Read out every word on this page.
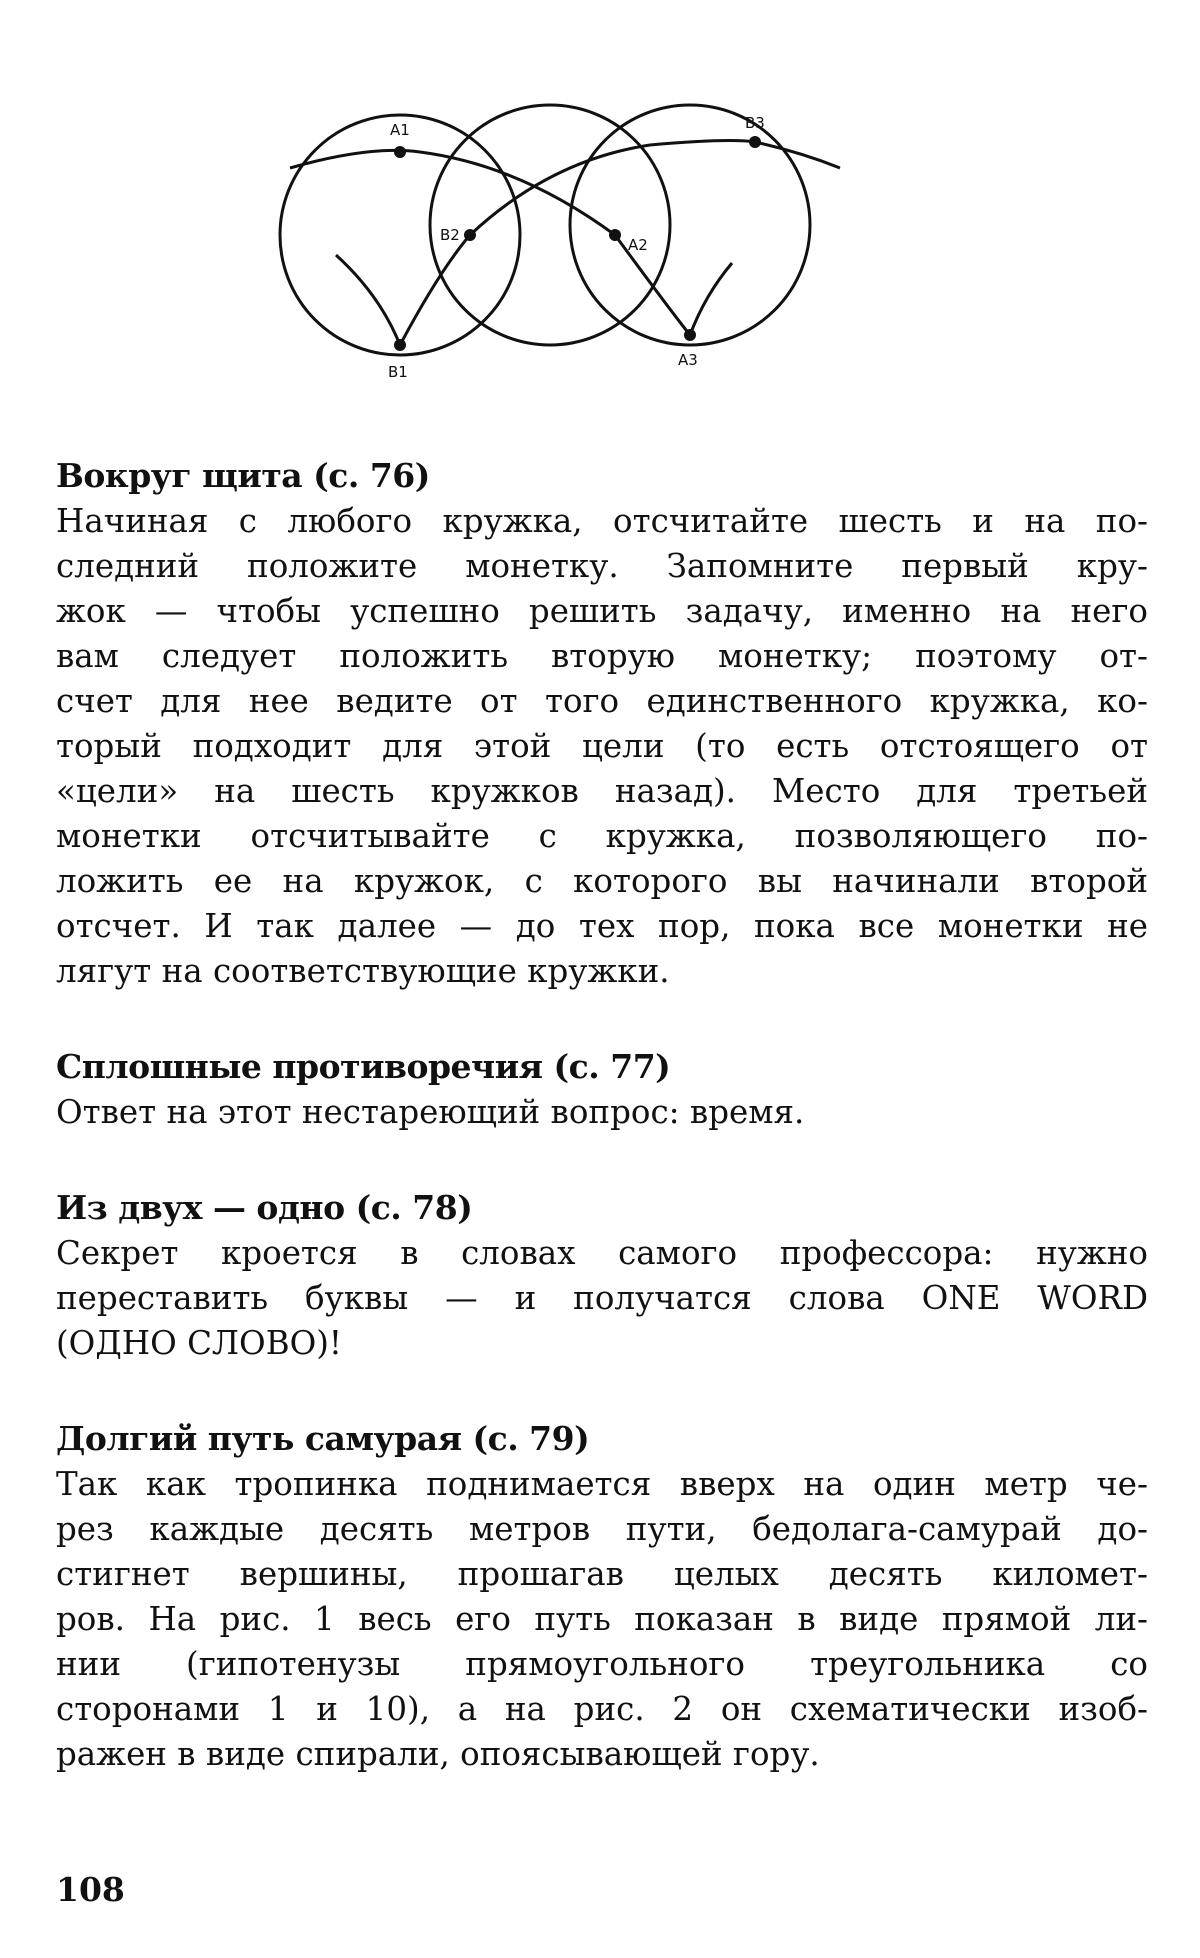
A1	B3
B2
A2
B1
A3

Вокруг щита (с. 76)

Начиная с любого кружка, отсчитайте шесть и на по-
следний положите монетку. Запомните первый кру-
жок — чтобы успешно решить задачу, именно на него
вам следует положить вторую монетку; поэтому от-
счет для нее ведите от того единственного кружка, ко-
торый подходит для этой цели (то есть отстоящего от
«цели» на шесть кружков назад). Место для третьей
монетки отсчитывайте с кружка, позволяющего по-
ложить ее на кружок, с которого вы начинали второй
отсчет. И так далее — до тех пор, пока все монетки не
лягут на соответствующие кружки.

Сплошные противоречия (с. 77)

Ответ на этот нестареющий вопрос: время.

Из двух — одно (с. 78)

Секрет кроется в словах самого профессора: нужно
переставить буквы — и получатся слова ONE WORD
(ОДНО СЛОВО)!

Долгий путь самурая (с. 79)

Так как тропинка поднимается вверх на один метр че-
рез каждые десять метров пути, бедолага-самурай до-
стигнет вершины, прошагав целых десять километ-
ров. На рис. 1 весь его путь показан в виде прямой ли-
нии (гипотенузы прямоугольного треугольника со
сторонами 1 и 10), а на рис. 2 он схематически изоб-
ражен в виде спирали, опоясывающей гору.
108
